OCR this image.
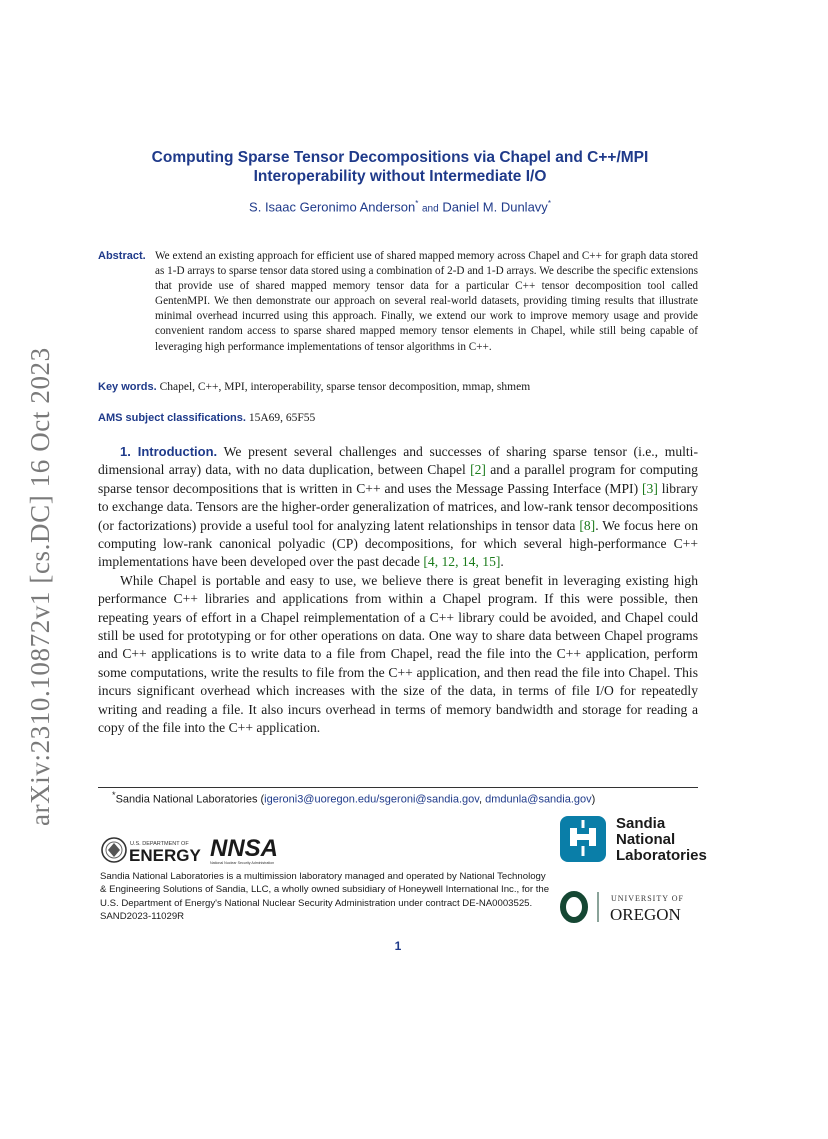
arXiv:2310.10872v1 [cs.DC] 16 Oct 2023
Computing Sparse Tensor Decompositions via Chapel and C++/MPI
Interoperability without Intermediate I/O
S. Isaac Geronimo Anderson* and Daniel M. Dunlavy*
Abstract. We extend an existing approach for efficient use of shared mapped memory across Chapel and C++ for graph data stored as 1-D arrays to sparse tensor data stored using a combination of 2-D and 1-D arrays. We describe the specific extensions that provide use of shared mapped memory tensor data for a particular C++ tensor decomposition tool called GentenMPI. We then demonstrate our approach on several real-world datasets, providing timing results that illustrate minimal overhead incurred using this approach. Finally, we extend our work to improve memory usage and provide convenient random access to sparse shared mapped memory tensor elements in Chapel, while still being capable of leveraging high performance implementations of tensor algorithms in C++.
Key words. Chapel, C++, MPI, interoperability, sparse tensor decomposition, mmap, shmem
AMS subject classifications. 15A69, 65F55

1. Introduction. We present several challenges and successes of sharing sparse tensor (i.e., multi-dimensional array) data, with no data duplication, between Chapel [2] and a parallel program for computing sparse tensor decompositions that is written in C++ and uses the Message Passing Interface (MPI) [3] library to exchange data. Tensors are the higher-order generalization of matrices, and low-rank tensor decompositions (or factorizations) provide a useful tool for analyzing latent relationships in tensor data [8]. We focus here on computing low-rank canonical polyadic (CP) decompositions, for which several high-performance C++ implementations have been developed over the past decade [4, 12, 14, 15].

While Chapel is portable and easy to use, we believe there is great benefit in leveraging existing high performance C++ libraries and applications from within a Chapel program. If this were possible, then repeating years of effort in a Chapel reimplementation of a C++ library could be avoided, and Chapel could still be used for prototyping or for other operations on data. One way to share data between Chapel programs and C++ applications is to write data to a file from Chapel, read the file into the C++ application, perform some computations, write the results to file from the C++ application, and then read the file into Chapel. This incurs significant overhead which increases with the size of the data, in terms of file I/O for repeatedly writing and reading a file. It also incurs overhead in terms of memory bandwidth and storage for reading a copy of the file into the C++ application.

*Sandia National Laboratories (igeroni3@uoregon.edu/sgeroni@sandia.gov, dmdunla@sandia.gov)
U.S. DEPARTMENT OF
ENERGY NNSA
National Nuclear Security Administration
Sandia
National
Laboratories
UNIVERSITY OF
OREGON
Sandia National Laboratories is a multimission laboratory managed and operated by National Technology & Engineering Solutions of Sandia, LLC, a wholly owned subsidiary of Honeywell International Inc., for the U.S. Department of Energy's National Nuclear Security Administration under contract DE-NA0003525. SAND2023-11029R
1
